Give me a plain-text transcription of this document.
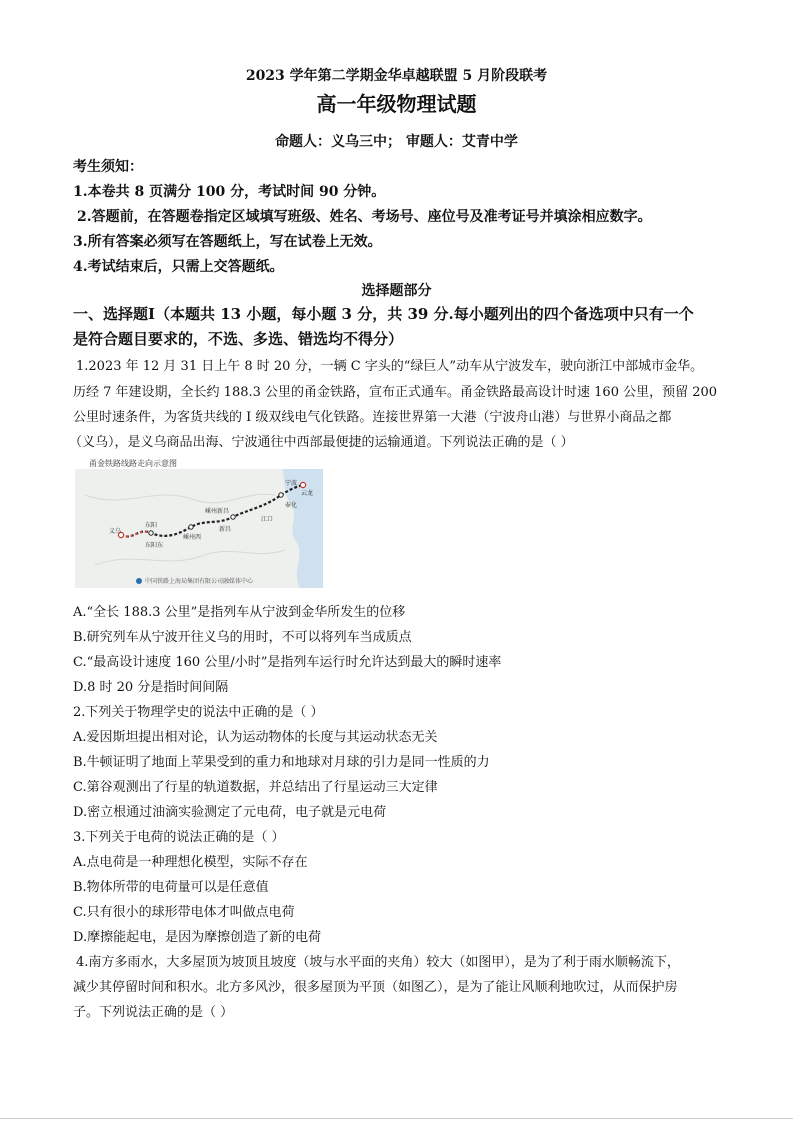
2023 学年第二学期金华卓越联盟 5 月阶段联考
高一年级物理试题
命题人：义乌三中； 审题人：艾青中学
考生须知：
1.本卷共 8 页满分 100 分，考试时间 90 分钟。
2.答题前，在答题卷指定区域填写班级、姓名、考场号、座位号及准考证号并填涂相应数字。
3.所有答案必须写在答题纸上，写在试卷上无效。
4.考试结束后，只需上交答题纸。
选择题部分
一、选择题Ⅰ（本题共 13 小题，每小题 3 分，共 39 分.每小题列出的四个备选项中只有一个
是符合题目要求的，不选、多选、错选均不得分）
1.2023 年 12 月 31 日上午 8 时 20 分，一辆 C 字头的“绿巨人”动车从宁波发车，驶向浙江中部城市金华。
历经 7 年建设期，全长约 188.3 公里的甬金铁路，宣布正式通车。甬金铁路最高设计时速 160 公里，预留 200
公里时速条件，为客货共线的 I 级双线电气化铁路。连接世界第一大港（宁波舟山港）与世界小商品之都
（义乌），是义乌商品出海、宁波通往中西部最便捷的运输通道。下列说法正确的是（ ）
甬金铁路线路走向示意图
义乌
东阳
东阳东
嵊州新昌
嵊州西
新昌
江口
奉化
宁波
云龙
中国铁路上海局集团有限公司融媒体中心
A.“全长 188.3 公里”是指列车从宁波到金华所发生的位移
B.研究列车从宁波开往义乌的用时，不可以将列车当成质点
C.“最高设计速度 160 公里/小时”是指列车运行时允许达到最大的瞬时速率
D.8 时 20 分是指时间间隔
2.下列关于物理学史的说法中正确的是（ ）
A.爱因斯坦提出相对论，认为运动物体的长度与其运动状态无关
B.牛顿证明了地面上苹果受到的重力和地球对月球的引力是同一性质的力
C.第谷观测出了行星的轨道数据，并总结出了行星运动三大定律
D.密立根通过油滴实验测定了元电荷，电子就是元电荷
3.下列关于电荷的说法正确的是（ ）
A.点电荷是一种理想化模型，实际不存在
B.物体所带的电荷量可以是任意值
C.只有很小的球形带电体才叫做点电荷
D.摩擦能起电，是因为摩擦创造了新的电荷
4.南方多雨水，大多屋顶为坡顶且坡度（坡与水平面的夹角）较大（如图甲），是为了利于雨水顺畅流下，
减少其停留时间和积水。北方多风沙，很多屋顶为平顶（如图乙），是为了能让风顺利地吹过，从而保护房
子。下列说法正确的是（ ）
